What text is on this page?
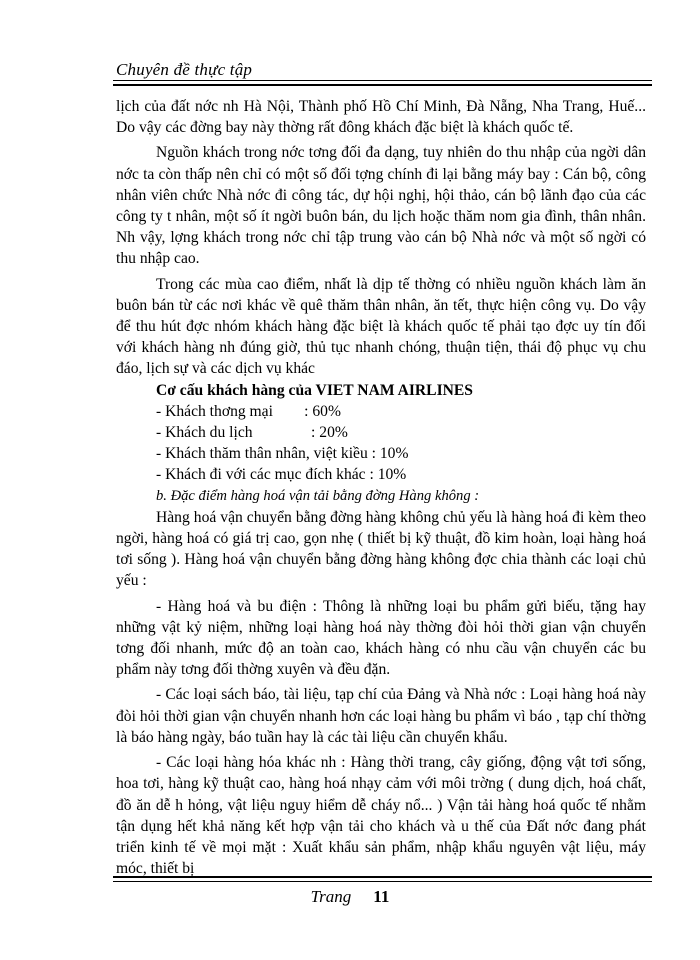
Chuyên đề thực tập

lịch của đất nớc nh Hà Nội, Thành phố Hồ Chí Minh, Đà Nẵng, Nha Trang, Huế... Do vậy các đờng bay này thờng rất đông khách đặc biệt là khách quốc tế.

Nguồn khách trong nớc tơng đối đa dạng, tuy nhiên do thu nhập của ngời dân nớc ta còn thấp nên chỉ có một số đối tợng chính đi lại bằng máy bay : Cán bộ, công nhân viên chức Nhà nớc đi công tác, dự hội nghị, hội thảo, cán bộ lãnh đạo của các công ty t nhân, một số ít ngời buôn bán, du lịch hoặc thăm nom gia đình, thân nhân. Nh vậy, lợng khách trong nớc chỉ tập trung vào cán bộ Nhà nớc và một số ngời có thu nhập cao.

Trong các mùa cao điểm, nhất là dịp tế thờng có nhiều nguồn khách làm ăn buôn bán từ các nơi khác về quê thăm thân nhân, ăn tết, thực hiện công vụ. Do vậy để thu hút đợc nhóm khách hàng đặc biệt là khách quốc tế phải tạo đợc uy tín đối với khách hàng nh đúng giờ, thủ tục nhanh chóng, thuận tiện, thái độ phục vụ chu đáo, lịch sự và các dịch vụ khác

Cơ cấu khách hàng của VIET NAM AIRLINES

- Khách thơng mại        : 60%

- Khách du lịch               : 20%

- Khách thăm thân nhân, việt kiều : 10%

- Khách đi với các mục đích khác : 10%

b. Đặc điểm hàng hoá vận tải bằng đờng Hàng không :

Hàng hoá vận chuyển bằng đờng hàng không chủ yếu là hàng hoá đi kèm theo ngời, hàng hoá có giá trị cao, gọn nhẹ ( thiết bị kỹ thuật, đồ kim hoàn, loại hàng hoá tơi sống ). Hàng hoá vận chuyển bằng đờng hàng không đợc chia thành các loại chủ yếu :

- Hàng hoá và bu điện : Thông là những loại bu phẩm gửi biếu, tặng hay những vật kỷ niệm, những loại hàng hoá này thờng đòi hỏi thời gian vận chuyển tơng đối nhanh, mức độ an toàn cao, khách hàng có nhu cầu vận chuyển các bu phẩm này tơng đối thờng xuyên và đều đặn.

- Các loại sách báo, tài liệu, tạp chí của Đảng và Nhà nớc : Loại hàng hoá này đòi hỏi thời gian vận chuyển nhanh hơn các loại hàng bu phẩm vì báo , tạp chí thờng là báo hàng ngày, báo tuần hay là các tài liệu cần chuyển khẩu.

- Các loại hàng hóa khác nh : Hàng thời trang, cây giống, động vật tơi sống, hoa tơi, hàng kỹ thuật cao, hàng hoá nhạy cảm với môi trờng ( dung dịch, hoá chất, đồ ăn dễ h hỏng, vật liệu nguy hiểm dễ cháy nổ... ) Vận tải hàng hoá quốc tế nhằm tận dụng hết khả năng kết hợp vận tải cho khách và u thế của Đất nớc đang phát triển kinh tế về mọi mặt : Xuất khẩu sản phẩm, nhập khẩu nguyên vật liệu, máy móc, thiết bị

Trang 11
